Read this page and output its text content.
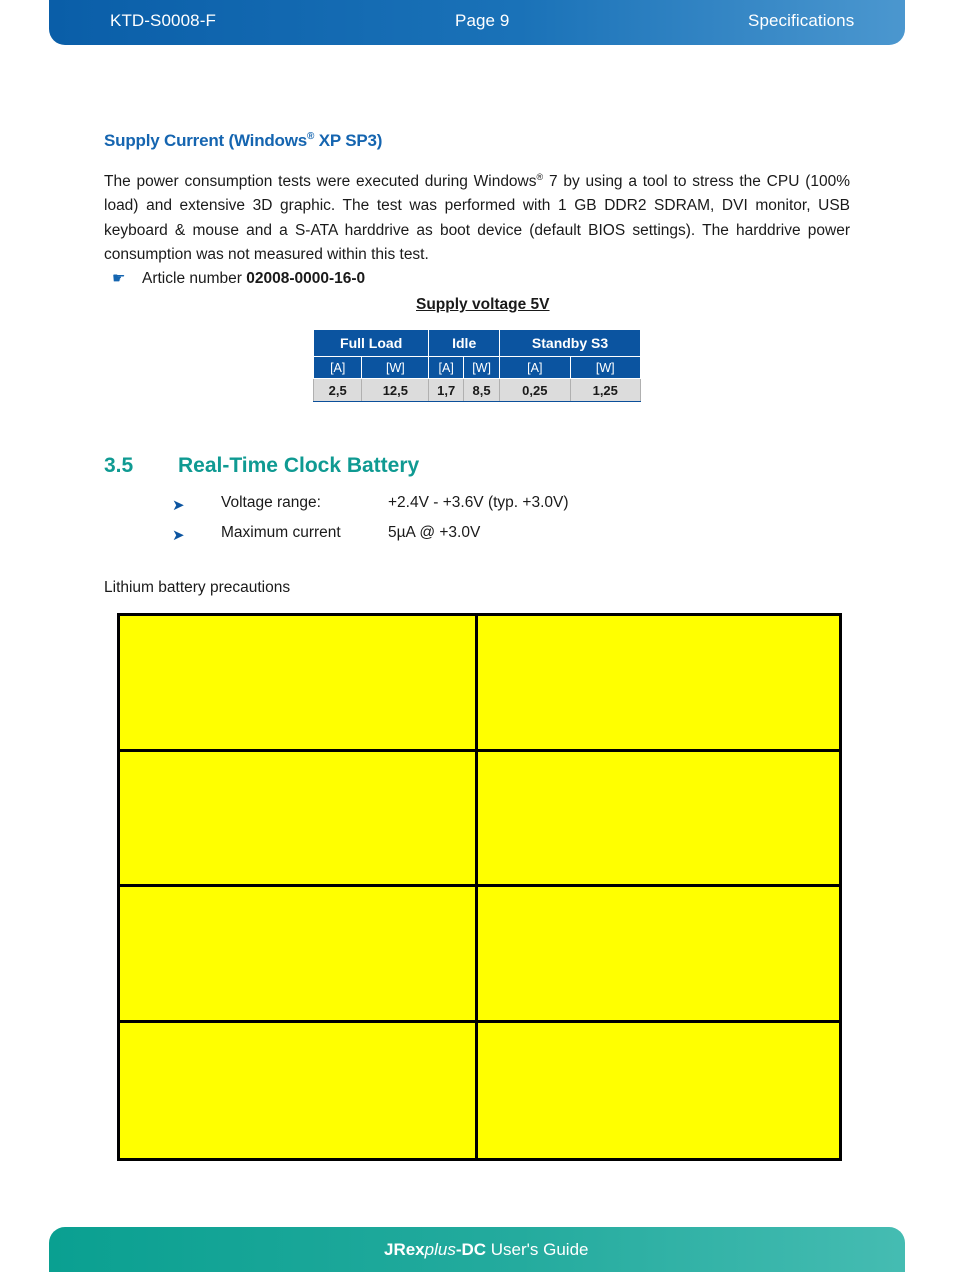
KTD-S0008-F	Page 9	Specifications
Supply Current (Windows® XP SP3)

The power consumption tests were executed during Windows® 7 by using a tool to stress the CPU (100% load) and extensive 3D graphic. The test was performed with 1 GB DDR2 SDRAM, DVI monitor, USB keyboard & mouse and a S-ATA harddrive as boot device (default BIOS settings). The harddrive power consumption was not measured within this test.

☛ Article number 02008-0000-16-0
Supply voltage 5V
Full Load		Idle		Standby S3	
[A]	[W]	[A]	[W]	[A]	[W]
2,5	12,5	1,7	8,5	0,25	1,25
3.5 Real-Time Clock Battery
➤ Voltage range:	+2.4V - +3.6V (typ. +3.0V)
➤ Maximum current	5µA @ +3.0V
Lithium battery precautions
JRexplus-DC User's Guide
